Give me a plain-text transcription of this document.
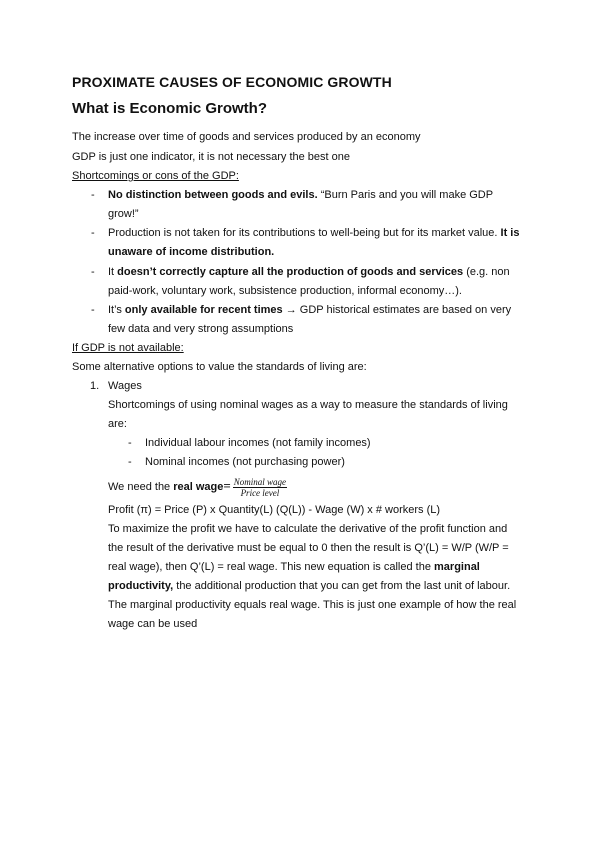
PROXIMATE CAUSES OF ECONOMIC GROWTH
What is Economic Growth?
The increase over time of goods and services produced by an economy
GDP is just one indicator, it is not necessary the best one
Shortcomings or cons of the GDP:
- No distinction between goods and evils. “Burn Paris and you will make GDP
grow!”
- Production is not taken for its contributions to well-being but for its market value. It is
unaware of income distribution.
- It doesn’t correctly capture all the production of goods and services (e.g. non
paid-work, voluntary work, subsistence production, informal economy…).
- It’s only available for recent times → GDP historical estimates are based on very
few data and very strong assumptions
If GDP is not available:
Some alternative options to value the standards of living are:
1. Wages
Shortcomings of using nominal wages as a way to measure the standards of living
are:
- Individual labour incomes (not family incomes)
- Nominal incomes (not purchasing power)
We need the real wage= $\frac{\text{Nominal wage}}{\text{Price level}}$
Profit (π) = Price (P) x Quantity(L) (Q(L)) - Wage (W) x # workers (L)
To maximize the profit we have to calculate the derivative of the profit function and
the result of the derivative must be equal to 0 then the result is Q’(L) = W/P (W/P =
real wage), then Q’(L) = real wage. This new equation is called the marginal
productivity, the additional production that you can get from the last unit of labour.
The marginal productivity equals real wage. This is just one example of how the real
wage can be used
